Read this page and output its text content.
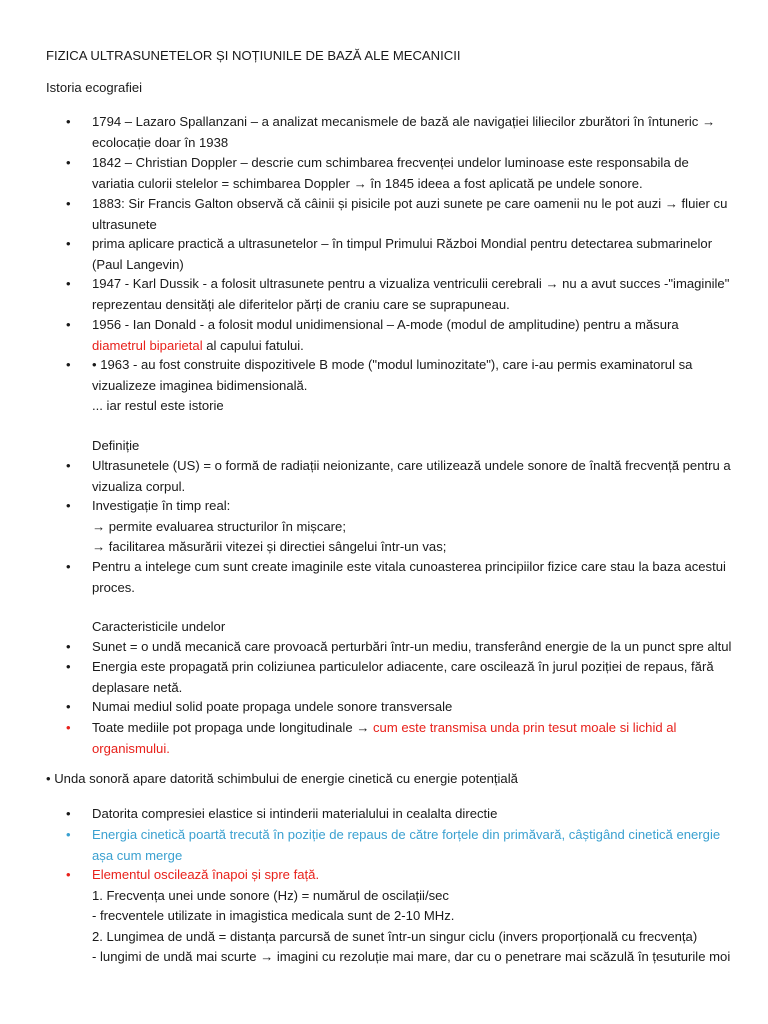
FIZICA ULTRASUNETELOR ȘI NOȚIUNILE DE BAZĂ ALE MECANICII
Istoria ecografiei
•	1794 – Lazaro Spallanzani – a analizat mecanismele de bază ale navigației liliecilor zburători în întuneric → ecolocație doar în 1938
•	1842 – Christian Doppler – descrie cum schimbarea frecvenței undelor luminoase este responsabila de variatia culorii stelelor = schimbarea Doppler → în 1845 ideea a fost aplicată pe undele sonore.
•	1883: Sir Francis Galton observă că câinii și pisicile pot auzi sunete pe care oamenii nu le pot auzi → fluier cu ultrasunete
•	prima aplicare practică a ultrasunetelor – în timpul Primului Război Mondial pentru detectarea submarinelor (Paul Langevin)
•	1947 - Karl Dussik - a folosit ultrasunete pentru a vizualiza ventriculii cerebrali → nu a avut succes -"imaginile" reprezentau densități ale diferitelor părți de craniu care se suprapuneau.
•	1956 - Ian Donald - a folosit modul unidimensional – A-mode (modul de amplitudine) pentru a măsura diametrul biparietal al capului fatului.
•	• 1963 - au fost construite dispozitivele B mode ("modul luminozitate"), care i-au permis examinatorul sa vizualizeze imaginea bidimensională.
... iar restul este istorie
Definiție
•	Ultrasunetele (US) = o formă de radiații neionizante, care utilizează undele sonore de înaltă frecvență pentru a vizualiza corpul.
•	Investigație în timp real:
→ permite evaluarea structurilor în mișcare;
→ facilitarea măsurării vitezei și directiei sângelui într-un vas;
•	Pentru a intelege cum sunt create imaginile este vitala cunoasterea principiilor fizice care stau la baza acestui proces.
Caracteristicile undelor
•	Sunet = o undă mecanică care provoacă perturbări într-un mediu, transferând energie de la un punct spre altul
•	Energia este propagată prin coliziunea particulelor adiacente, care oscilează în jurul poziției de repaus, fără deplasare netă.
•	Numai mediul solid poate propaga undele sonore transversale
•	Toate mediile pot propaga unde longitudinale → cum este transmisa unda prin tesut moale si lichid al organismului.
• Unda sonoră apare datorită schimbului de energie cinetică cu energie potențială
•	Datorita compresiei elastice si intinderii materialului in cealalta directie
•	Energia cinetică poartă trecută în poziție de repaus de către forțele din primăvară, câștigând cinetică energie așa cum merge
•	Elementul oscilează înapoi și spre față.
1. Frecvența unei unde sonore (Hz) = numărul de oscilații/sec
- frecventele utilizate in imagistica medicala sunt de 2-10 MHz.
2. Lungimea de undă = distanța parcursă de sunet într-un singur ciclu (invers proporțională cu frecvența)
- lungimi de undă mai scurte → imagini cu rezoluție mai mare, dar cu o penetrare mai scăzulă în țesuturile moi
